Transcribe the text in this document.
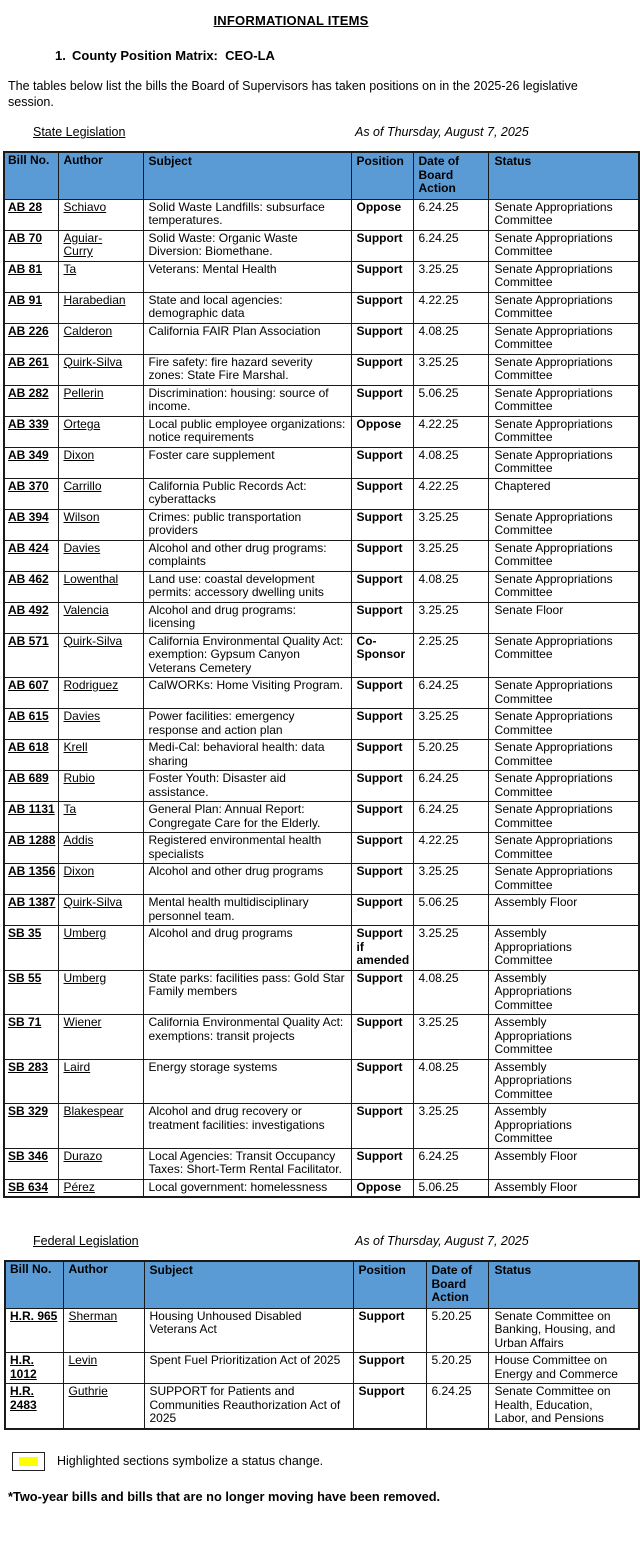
INFORMATIONAL ITEMS
1. County Position Matrix:  CEO-LA

The tables below list the bills the Board of Supervisors has taken positions on in the 2025-26 legislative session.

State Legislation	As of Thursday, August 7, 2025
Bill No.	Author	Subject	Position	Date of Board Action	Status
AB 28	Schiavo	Solid Waste Landfills: subsurface temperatures.	Oppose	6.24.25	Senate Appropriations Committee
AB 70	Aguiar-Curry	Solid Waste: Organic Waste Diversion: Biomethane.	Support	6.24.25	Senate Appropriations Committee
AB 81	Ta	Veterans: Mental Health	Support	3.25.25	Senate Appropriations Committee
AB 91	Harabedian	State and local agencies: demographic data	Support	4.22.25	Senate Appropriations Committee
AB 226	Calderon	California FAIR Plan Association	Support	4.08.25	Senate Appropriations Committee
AB 261	Quirk-Silva	Fire safety: fire hazard severity zones: State Fire Marshal.	Support	3.25.25	Senate Appropriations Committee
AB 282	Pellerin	Discrimination: housing: source of income.	Support	5.06.25	Senate Appropriations Committee
AB 339	Ortega	Local public employee organizations: notice requirements	Oppose	4.22.25	Senate Appropriations Committee
AB 349	Dixon	Foster care supplement	Support	4.08.25	Senate Appropriations Committee
AB 370	Carrillo	California Public Records Act: cyberattacks	Support	4.22.25	Chaptered
AB 394	Wilson	Crimes: public transportation providers	Support	3.25.25	Senate Appropriations Committee
AB 424	Davies	Alcohol and other drug programs: complaints	Support	3.25.25	Senate Appropriations Committee
AB 462	Lowenthal	Land use: coastal development permits: accessory dwelling units	Support	4.08.25	Senate Appropriations Committee
AB 492	Valencia	Alcohol and drug programs: licensing	Support	3.25.25	Senate Floor
AB 571	Quirk-Silva	California Environmental Quality Act: exemption: Gypsum Canyon Veterans Cemetery	Co-Sponsor	2.25.25	Senate Appropriations Committee
AB 607	Rodriguez	CalWORKs: Home Visiting Program.	Support	6.24.25	Senate Appropriations Committee
AB 615	Davies	Power facilities: emergency response and action plan	Support	3.25.25	Senate Appropriations Committee
AB 618	Krell	Medi-Cal: behavioral health: data sharing	Support	5.20.25	Senate Appropriations Committee
AB 689	Rubio	Foster Youth: Disaster aid assistance.	Support	6.24.25	Senate Appropriations Committee
AB 1131	Ta	General Plan: Annual Report: Congregate Care for the Elderly.	Support	6.24.25	Senate Appropriations Committee
AB 1288	Addis	Registered environmental health specialists	Support	4.22.25	Senate Appropriations Committee
AB 1356	Dixon	Alcohol and other drug programs	Support	3.25.25	Senate Appropriations Committee
AB 1387	Quirk-Silva	Mental health multidisciplinary personnel team.	Support	5.06.25	Assembly Floor
SB 35	Umberg	Alcohol and drug programs	Support if amended	3.25.25	Assembly Appropriations Committee
SB 55	Umberg	State parks: facilities pass: Gold Star Family members	Support	4.08.25	Assembly Appropriations Committee
SB 71	Wiener	California Environmental Quality Act: exemptions: transit projects	Support	3.25.25	Assembly Appropriations Committee
SB 283	Laird	Energy storage systems	Support	4.08.25	Assembly Appropriations Committee
SB 329	Blakespear	Alcohol and drug recovery or treatment facilities: investigations	Support	3.25.25	Assembly Appropriations Committee
SB 346	Durazo	Local Agencies: Transit Occupancy Taxes: Short-Term Rental Facilitator.	Support	6.24.25	Assembly Floor
SB 634	Pérez	Local government: homelessness	Oppose	5.06.25	Assembly Floor
Federal Legislation	As of Thursday, August 7, 2025
Bill No.	Author	Subject	Position	Date of Board Action	Status
H.R. 965	Sherman	Housing Unhoused Disabled Veterans Act	Support	5.20.25	Senate Committee on Banking, Housing, and Urban Affairs
H.R. 1012	Levin	Spent Fuel Prioritization Act of 2025	Support	5.20.25	House Committee on Energy and Commerce
H.R. 2483	Guthrie	SUPPORT for Patients and Communities Reauthorization Act of 2025	Support	6.24.25	Senate Committee on Health, Education, Labor, and Pensions
Highlighted sections symbolize a status change.

*Two-year bills and bills that are no longer moving have been removed.
